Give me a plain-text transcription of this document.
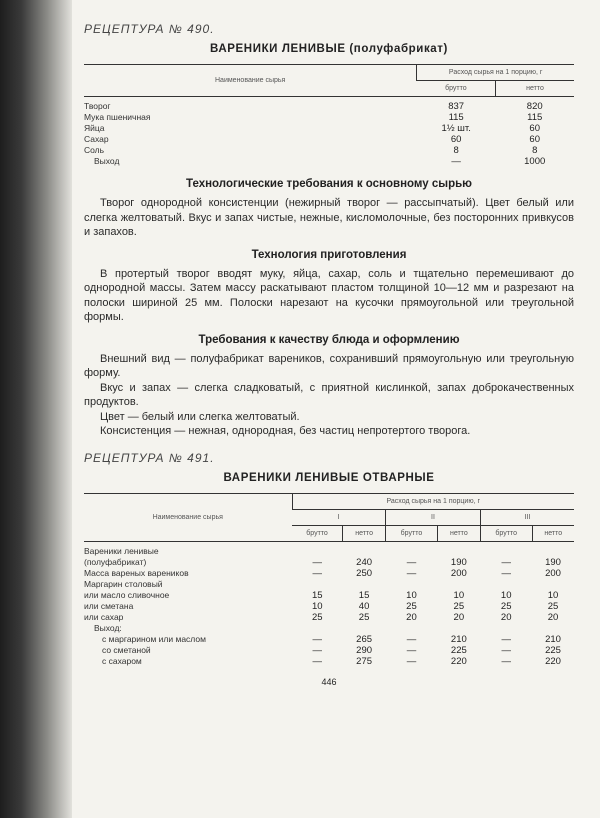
РЕЦЕПТУРА № 490.

ВАРЕНИКИ ЛЕНИВЫЕ (полуфабрикат)
Наименование сырья	Расход сырья на 1 порцию, г	
	брутто	нетто
Творог	837	820
Мука пшеничная	115	115
Яйца	1½ шт.	60
Сахар	60	60
Соль	8	8
Выход	—	1000
Технологические требования к основному сырью

Творог однородной консистенции (нежирный творог — рассыпчатый). Цвет белый или слегка желтоватый. Вкус и запах чистые, нежные, кисломолочные, без посторонних привкусов и запахов.

Технология приготовления

В протертый творог вводят муку, яйца, сахар, соль и тщательно перемешивают до однородной массы. Затем массу раскатывают пластом толщиной 10—12 мм и разрезают на полоски шириной 25 мм. Полоски нарезают на кусочки прямоугольной или треугольной формы.

Требования к качеству блюда и оформлению

Внешний вид — полуфабрикат вареников, сохранивший прямоугольную или треугольную форму.

Вкус и запах — слегка сладковатый, с приятной кислинкой, запах доброкачественных продуктов.

Цвет — белый или слегка желтоватый.

Консистенция — нежная, однородная, без частиц непротертого творога.

РЕЦЕПТУРА № 491.

ВАРЕНИКИ ЛЕНИВЫЕ ОТВАРНЫЕ
Наименование сырья	Расход сырья на 1 порцию, г					
	I		II		III	
	брутто	нетто	брутто	нетто	брутто	нетто
Вареники ленивые						
(полуфабрикат)	—	240	—	190	—	190
Масса вареных вареников	—	250	—	200	—	200
Маргарин столовый						
или масло сливочное	15	15	10	10	10	10
или сметана	10	40	25	25	25	25
или сахар	25	25	20	20	20	20
Выход:						
с маргарином или маслом	—	265	—	210	—	210
со сметаной	—	290	—	225	—	225
с сахаром	—	275	—	220	—	220
446
